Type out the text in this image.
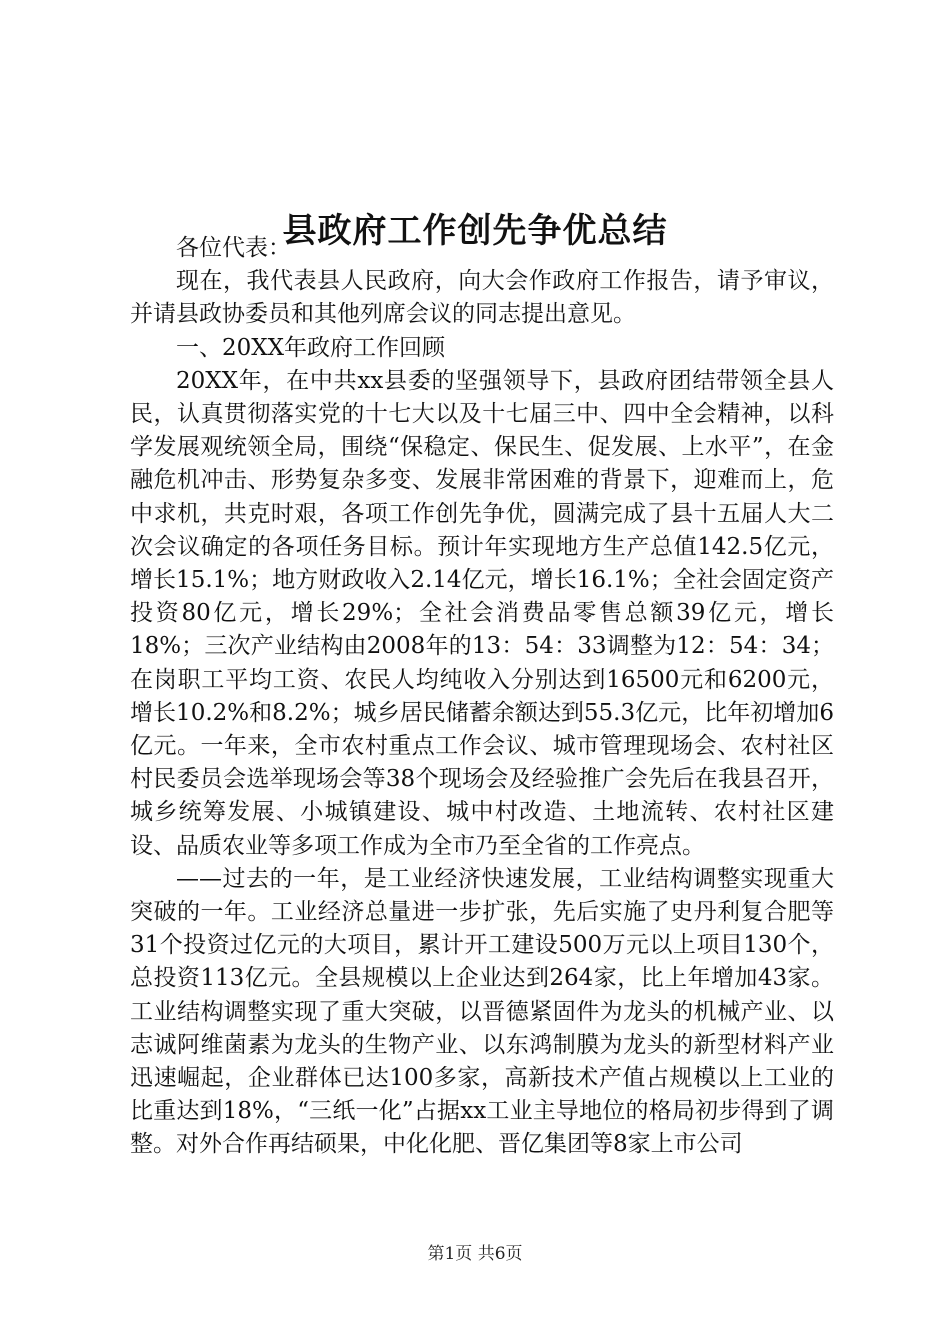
县政府工作创先争优总结

各位代表：

现在，我代表县人民政府，向大会作政府工作报告，请予审议，并请县政协委员和其他列席会议的同志提出意见。

一、20XX年政府工作回顾

20XX年，在中共xx县委的坚强领导下，县政府团结带领全县人民，认真贯彻落实党的十七大以及十七届三中、四中全会精神，以科学发展观统领全局，围绕“保稳定、保民生、促发展、上水平”，在金融危机冲击、形势复杂多变、发展非常困难的背景下，迎难而上，危中求机，共克时艰，各项工作创先争优，圆满完成了县十五届人大二次会议确定的各项任务目标。预计年实现地方生产总值142.5亿元，增长15.1%；地方财政收入2.14亿元，增长16.1%；全社会固定资产投资80亿元，增长29%；全社会消费品零售总额39亿元，增长18%；三次产业结构由2008年的13：54：33调整为12：54：34；在岗职工平均工资、农民人均纯收入分别达到16500元和6200元，增长10.2%和8.2%；城乡居民储蓄余额达到55.3亿元，比年初增加6亿元。一年来，全市农村重点工作会议、城市管理现场会、农村社区村民委员会选举现场会等38个现场会及经验推广会先后在我县召开，城乡统筹发展、小城镇建设、城中村改造、土地流转、农村社区建设、品质农业等多项工作成为全市乃至全省的工作亮点。

——过去的一年，是工业经济快速发展，工业结构调整实现重大突破的一年。工业经济总量进一步扩张，先后实施了史丹利复合肥等31个投资过亿元的大项目，累计开工建设500万元以上项目130个，总投资113亿元。全县规模以上企业达到264家，比上年增加43家。工业结构调整实现了重大突破，以晋德紧固件为龙头的机械产业、以志诚阿维菌素为龙头的生物产业、以东鸿制膜为龙头的新型材料产业迅速崛起，企业群体已达100多家，高新技术产值占规模以上工业的比重达到18%，“三纸一化”占据xx工业主导地位的格局初步得到了调整。对外合作再结硕果，中化化肥、晋亿集团等8家上市公司

第1页 共6页
